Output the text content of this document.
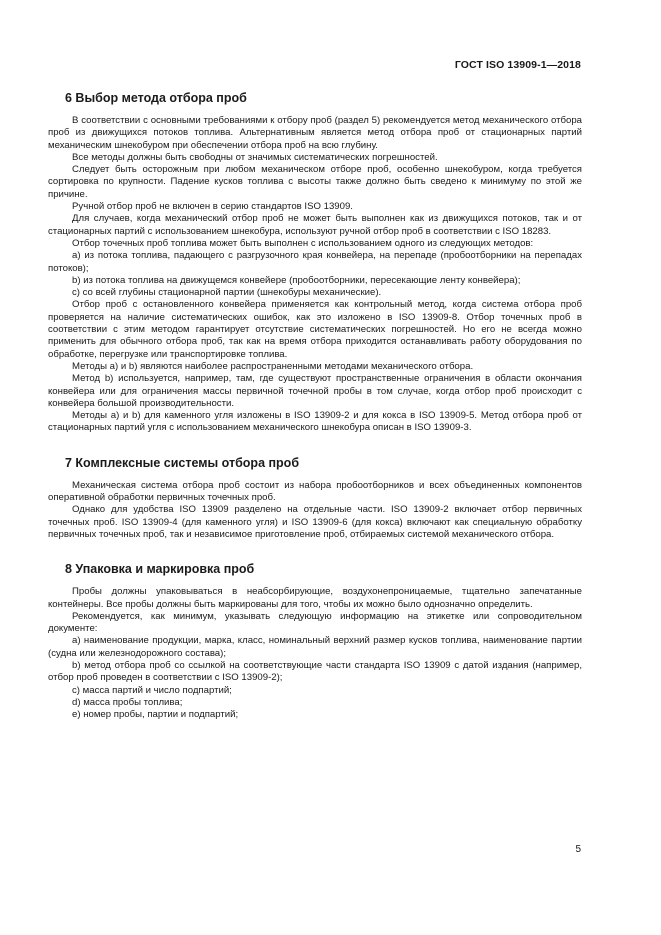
ГОСТ ISO 13909-1—2018
6 Выбор метода отбора проб

В соответствии с основными требованиями к отбору проб (раздел 5) рекомендуется метод механического отбора проб из движущихся потоков топлива. Альтернативным является метод отбора проб от стационарных партий механическим шнекобуром при обеспечении отбора проб на всю глубину.

Все методы должны быть свободны от значимых систематических погрешностей.

Следует быть осторожным при любом механическом отборе проб, особенно шнекобуром, когда требуется сортировка по крупности. Падение кусков топлива с высоты также должно быть сведено к минимуму по этой же причине.

Ручной отбор проб не включен в серию стандартов ISO 13909.

Для случаев, когда механический отбор проб не может быть выполнен как из движущихся потоков, так и от стационарных партий с использованием шнекобура, используют ручной отбор проб в соответствии с ISO 18283.

Отбор точечных проб топлива может быть выполнен с использованием одного из следующих методов:

a) из потока топлива, падающего с разгрузочного края конвейера, на перепаде (пробоотборники на перепадах потоков);

b) из потока топлива на движущемся конвейере (пробоотборники, пересекающие ленту конвейера);

c) со всей глубины стационарной партии (шнекобуры механические).

Отбор проб с остановленного конвейера применяется как контрольный метод, когда система отбора проб проверяется на наличие систематических ошибок, как это изложено в ISO 13909-8. Отбор точечных проб в соответствии с этим методом гарантирует отсутствие систематических погрешностей. Но его не всегда можно применить для обычного отбора проб, так как на время отбора приходится останавливать работу оборудования по обработке, перегрузке или транспортировке топлива.

Методы a) и b) являются наиболее распространенными методами механического отбора.

Метод b) используется, например, там, где существуют пространственные ограничения в области окончания конвейера или для ограничения массы первичной точечной пробы в том случае, когда отбор проб происходит с конвейера большой производительности.

Методы a) и b) для каменного угля изложены в ISO 13909-2 и для кокса в ISO 13909-5. Метод отбора проб от стационарных партий угля с использованием механического шнекобура описан в ISO 13909-3.

7 Комплексные системы отбора проб

Механическая система отбора проб состоит из набора пробоотборников и всех объединенных компонентов оперативной обработки первичных точечных проб.

Однако для удобства ISO 13909 разделено на отдельные части. ISO 13909-2 включает отбор первичных точечных проб. ISO 13909-4 (для каменного угля) и ISO 13909-6 (для кокса) включают как специальную обработку первичных точечных проб, так и независимое приготовление проб, отбираемых системой механического отбора.

8 Упаковка и маркировка проб

Пробы должны упаковываться в неабсорбирующие, воздухонепроницаемые, тщательно запечатанные контейнеры. Все пробы должны быть маркированы для того, чтобы их можно было однозначно определить.

Рекомендуется, как минимум, указывать следующую информацию на этикетке или сопроводительном документе:

a) наименование продукции, марка, класс, номинальный верхний размер кусков топлива, наименование партии (судна или железнодорожного состава);

b) метод отбора проб со ссылкой на соответствующие части стандарта ISO 13909 с датой издания (например, отбор проб проведен в соответствии с ISO 13909-2);

c) масса партий и число подпартий;

d) масса пробы топлива;

e) номер пробы, партии и подпартий;

5
